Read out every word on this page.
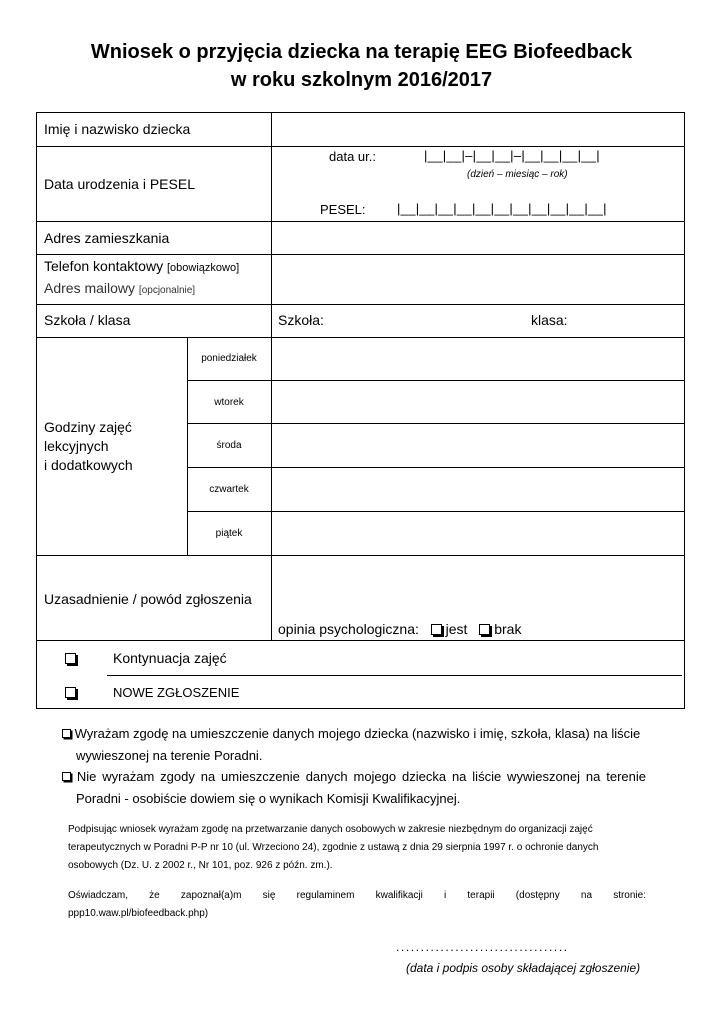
Wniosek o przyjęcia dziecka na terapię EEG Biofeedback
w roku szkolnym 2016/2017
Imię i nazwisko dziecka
Data urodzenia i PESEL
data ur.:	|__|__|–|__|__|–|__|__|__|__|
(dzień – miesiąc – rok)
PESEL: |__|__|__|__|__|__|__|__|__|__|__|
Adres zamieszkania
Telefon kontaktowy [obowiązkowo]
Adres mailowy [opcjonalnie]
Szkoła / klasa	Szkoła:	klasa:
Godziny zajęć
lekcyjnych
i dodatkowych
poniedziałek
wtorek
środa
czwartek
piątek
Uzasadnienie / powód zgłoszenia
opinia psychologiczna: jest brak
Kontynuacja zajęć
NOWE ZGŁOSZENIE
Wyrażam zgodę na umieszczenie danych mojego dziecka (nazwisko i imię, szkoła, klasa) na liście
wywieszonej na terenie Poradni.
Nie wyrażam zgody na umieszczenie danych mojego dziecka na liście wywieszonej na terenie
Poradni - osobiście dowiem się o wynikach Komisji Kwalifikacyjnej.
Podpisując wniosek wyrażam zgodę na przetwarzanie danych osobowych w zakresie niezbędnym do organizacji zajęć
terapeutycznych w Poradni P-P nr 10 (ul. Wrzeciono 24), zgodnie z ustawą z dnia 29 sierpnia 1997 r. o ochronie danych
osobowych (Dz. U. z 2002 r., Nr 101, poz. 926 z późn. zm.).
Oświadczam, że zapoznał(a)m się regulaminem kwalifikacji i terapii (dostępny na stronie:
ppp10.waw.pl/biofeedback.php)
...................................
(data i podpis osoby składającej zgłoszenie)
